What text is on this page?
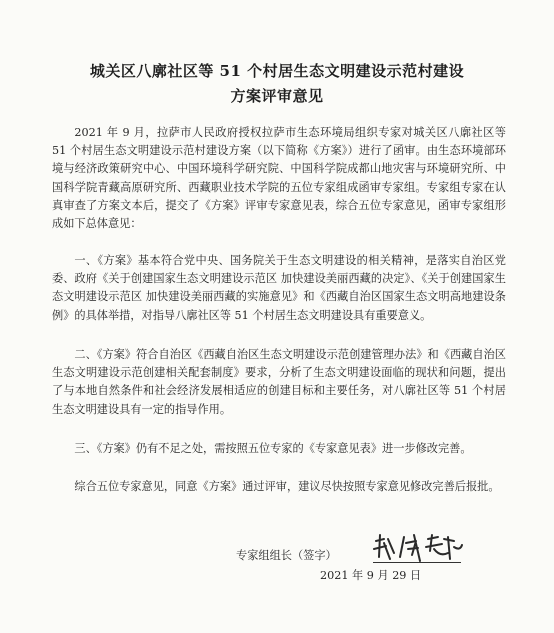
城关区八廓社区等 51 个村居生态文明建设示范村建设
方案评审意见

2021 年 9 月，拉萨市人民政府授权拉萨市生态环境局组织专家对城关区八廓社区等 51 个村居生态文明建设示范村建设方案（以下简称《方案》）进行了函审。由生态环境部环境与经济政策研究中心、中国环境科学研究院、中国科学院成都山地灾害与环境研究所、中国科学院青藏高原研究所、西藏职业技术学院的五位专家组成函审专家组。专家组专家在认真审查了方案文本后，提交了《方案》评审专家意见表，综合五位专家意见，函审专家组形成如下总体意见：

一、《方案》基本符合党中央、国务院关于生态文明建设的相关精神，是落实自治区党委、政府《关于创建国家生态文明建设示范区 加快建设美丽西藏的决定》、《关于创建国家生态文明建设示范区 加快建设美丽西藏的实施意见》和《西藏自治区国家生态文明高地建设条例》的具体举措，对指导八廓社区等 51 个村居生态文明建设具有重要意义。

二、《方案》符合自治区《西藏自治区生态文明建设示范创建管理办法》和《西藏自治区生态文明建设示范创建相关配套制度》要求，分析了生态文明建设面临的现状和问题，提出了与本地自然条件和社会经济发展相适应的创建目标和主要任务，对八廓社区等 51 个村居生态文明建设具有一定的指导作用。

三、《方案》仍有不足之处，需按照五位专家的《专家意见表》进一步修改完善。

综合五位专家意见，同意《方案》通过评审，建议尽快按照专家意见修改完善后报批。

专家组组长（签字）
2021 年 9 月 29 日
